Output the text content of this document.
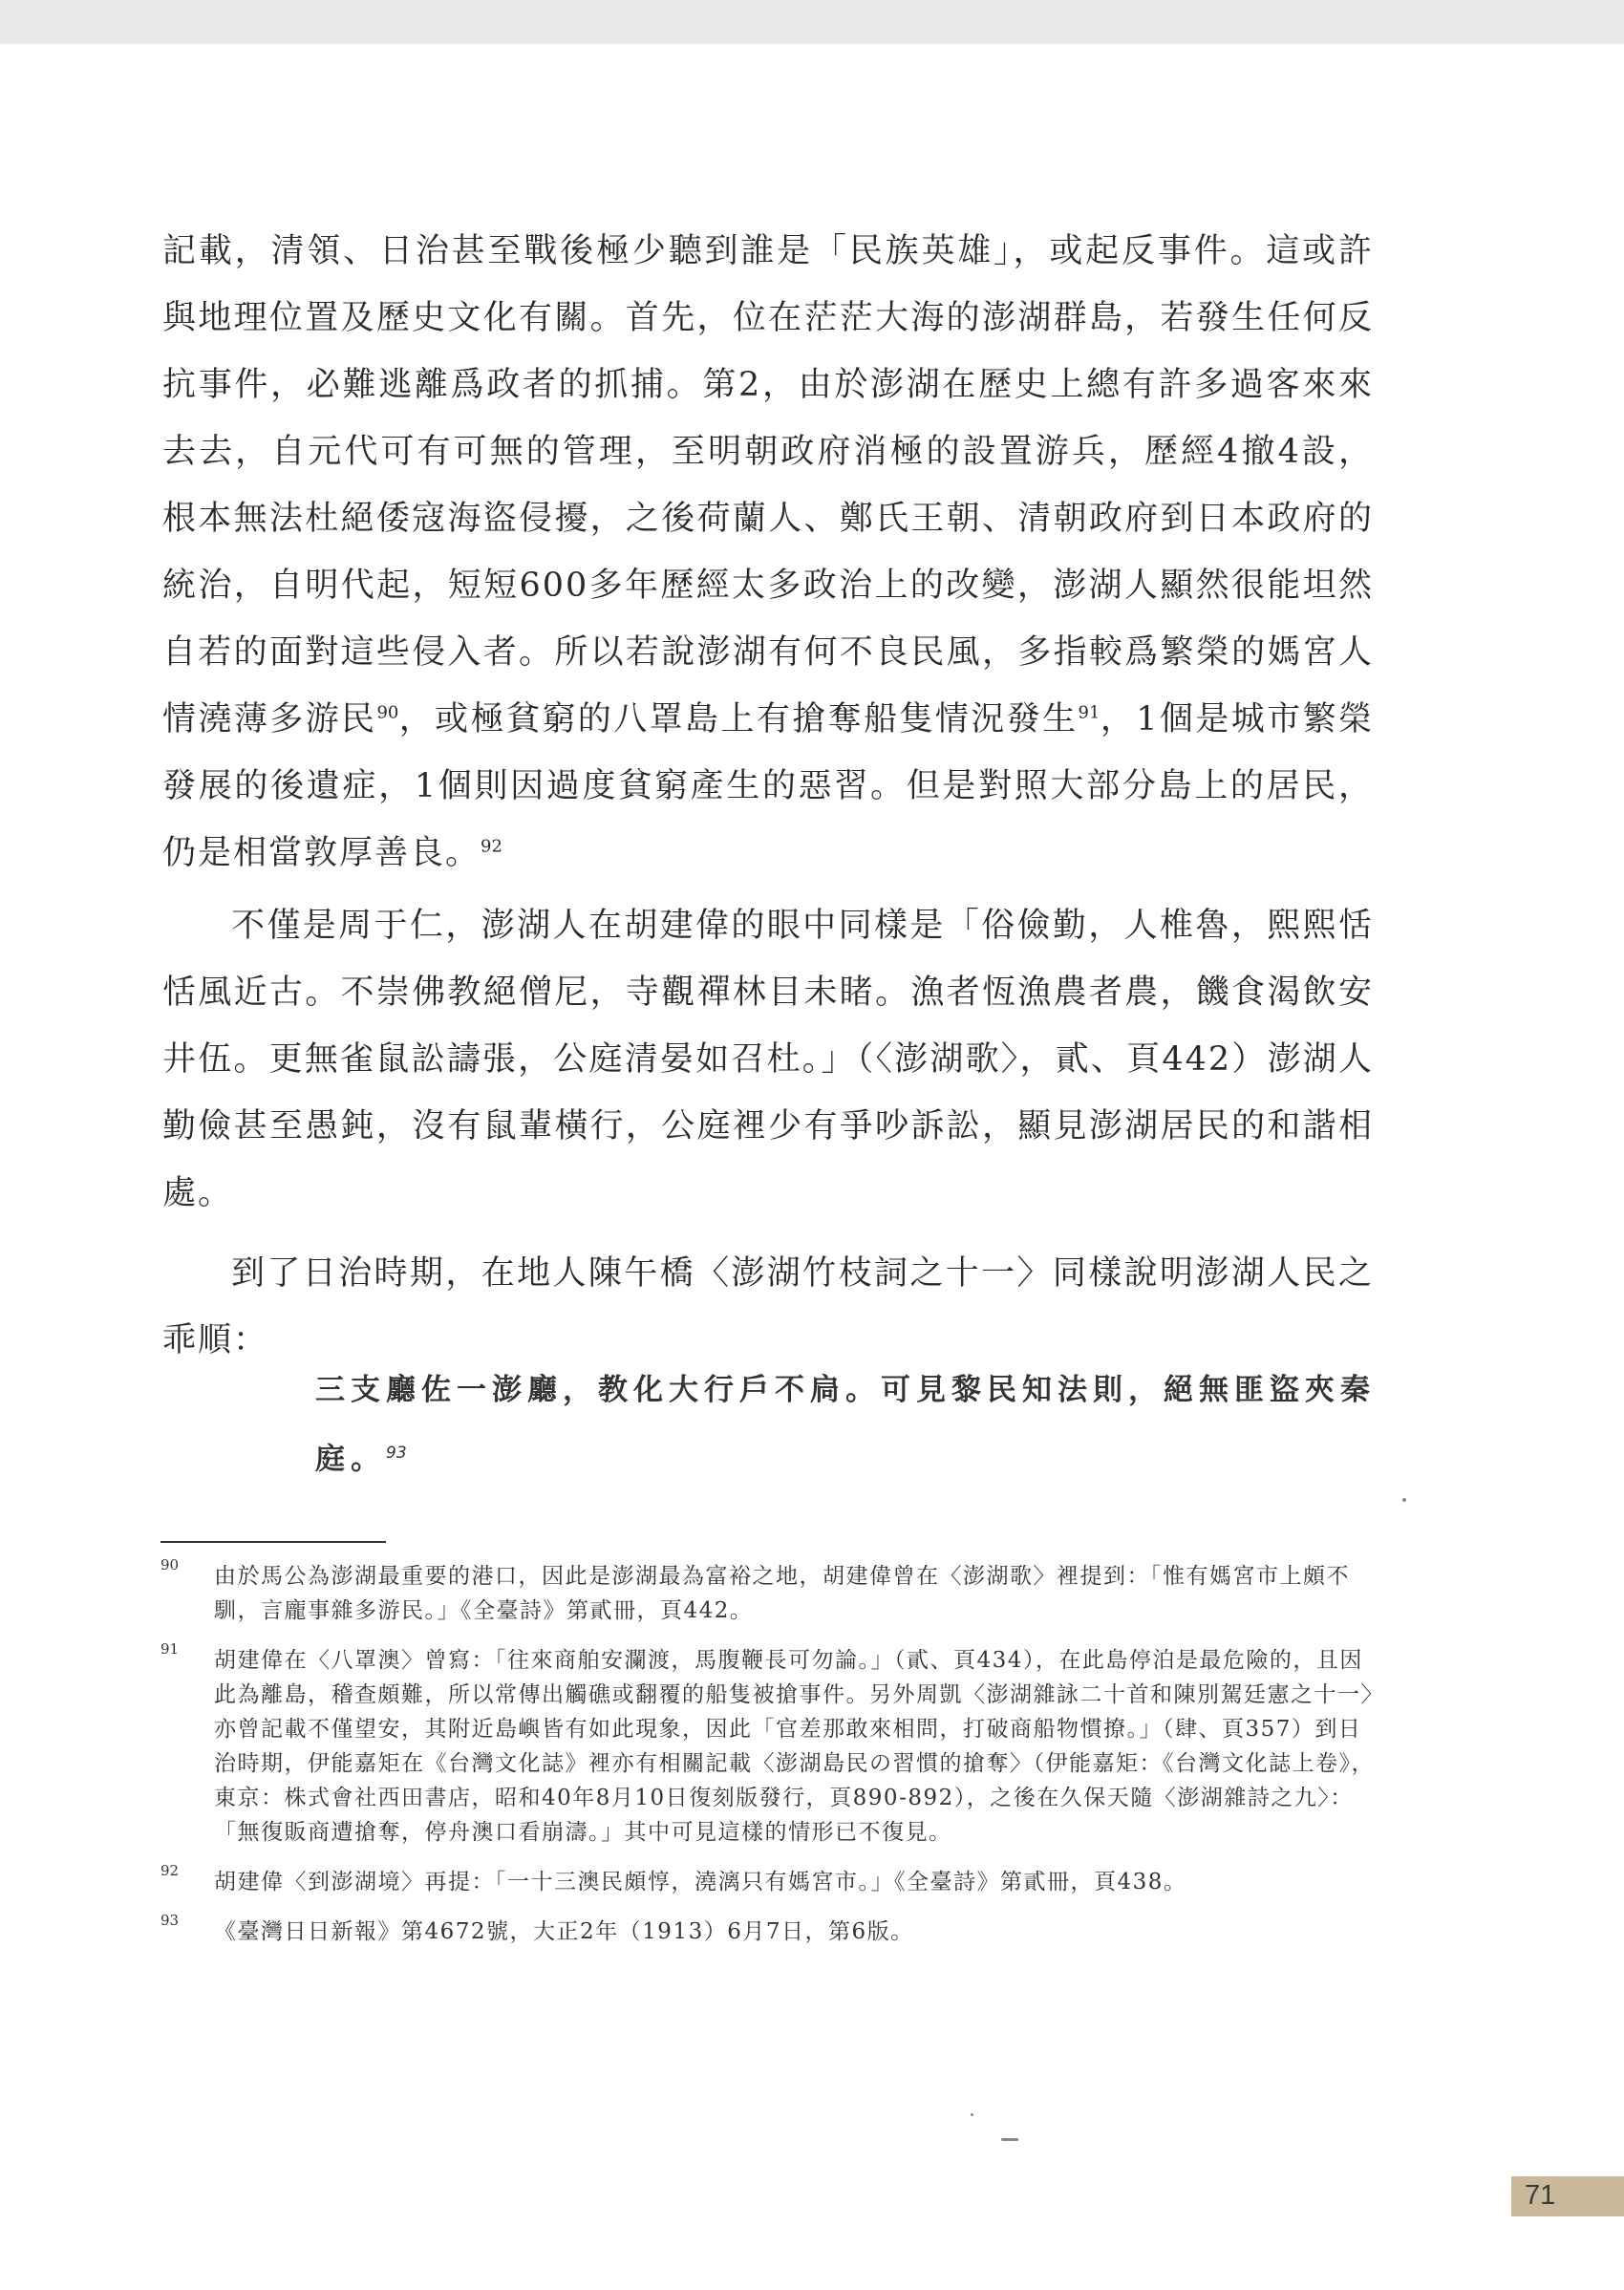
記載，清領、日治甚至戰後極少聽到誰是「民族英雄」，或起反事件。這或許與地理位置及歷史文化有關。首先，位在茫茫大海的澎湖群島，若發生任何反抗事件，必難逃離爲政者的抓捕。第2，由於澎湖在歷史上總有許多過客來來去去，自元代可有可無的管理，至明朝政府消極的設置游兵，歷經4撤4設，根本無法杜絕倭寇海盜侵擾，之後荷蘭人、鄭氏王朝、清朝政府到日本政府的統治，自明代起，短短600多年歷經太多政治上的改變，澎湖人顯然很能坦然自若的面對這些侵入者。所以若說澎湖有何不良民風，多指較爲繁榮的媽宮人情澆薄多游民$^{90}$，或極貧窮的八罩島上有搶奪船隻情況發生$^{91}$，1個是城市繁榮發展的後遺症，1個則因過度貧窮產生的惡習。但是對照大部分島上的居民，仍是相當敦厚善良。$^{92}$

不僅是周于仁，澎湖人在胡建偉的眼中同樣是「俗儉勤，人椎魯，熙熙恬恬風近古。不崇佛教絕僧尼，寺觀禪林目未睹。漁者恆漁農者農，饑食渴飲安井伍。更無雀鼠訟譸張，公庭清晏如召杜。」（〈澎湖歌〉，貳、頁442）澎湖人勤儉甚至愚鈍，沒有鼠輩橫行，公庭裡少有爭吵訴訟，顯見澎湖居民的和諧相處。

到了日治時期，在地人陳午橋〈澎湖竹枝詞之十一〉同樣說明澎湖人民之乖順：

三支廳佐一澎廳，教化大行戶不扃。可見黎民知法則，絕無匪盜夾秦庭。$^{93}$

90 由於馬公為澎湖最重要的港口，因此是澎湖最為富裕之地，胡建偉曾在〈澎湖歌〉裡提到：「惟有媽宮市上頗不馴，言龐事雜多游民。」《全臺詩》第貳冊，頁442。
91 胡建偉在〈八罩澳〉曾寫：「往來商舶安瀾渡，馬腹鞭長可勿論。」（貳、頁434），在此島停泊是最危險的，且因此為離島，稽查頗難，所以常傳出觸礁或翻覆的船隻被搶事件。另外周凱〈澎湖雜詠二十首和陳別駕廷憲之十一〉亦曾記載不僅望安，其附近島嶼皆有如此現象，因此「官差那敢來相問，打破商船物慣撩。」（肆、頁357）到日治時期，伊能嘉矩在《台灣文化誌》裡亦有相關記載〈澎湖島民の習慣的搶奪〉（伊能嘉矩：《台灣文化誌上卷》，東京：株式會社西田書店，昭和40年8月10日復刻版發行，頁890-892），之後在久保天隨〈澎湖雜詩之九〉：「無復販商遭搶奪，停舟澳口看崩濤。」其中可見這樣的情形已不復見。
92 胡建偉〈到澎湖境〉再提：「一十三澳民頗惇，澆漓只有媽宮市。」《全臺詩》第貳冊，頁438。
93 《臺灣日日新報》第4672號，大正2年（1913）6月7日，第6版。
71
